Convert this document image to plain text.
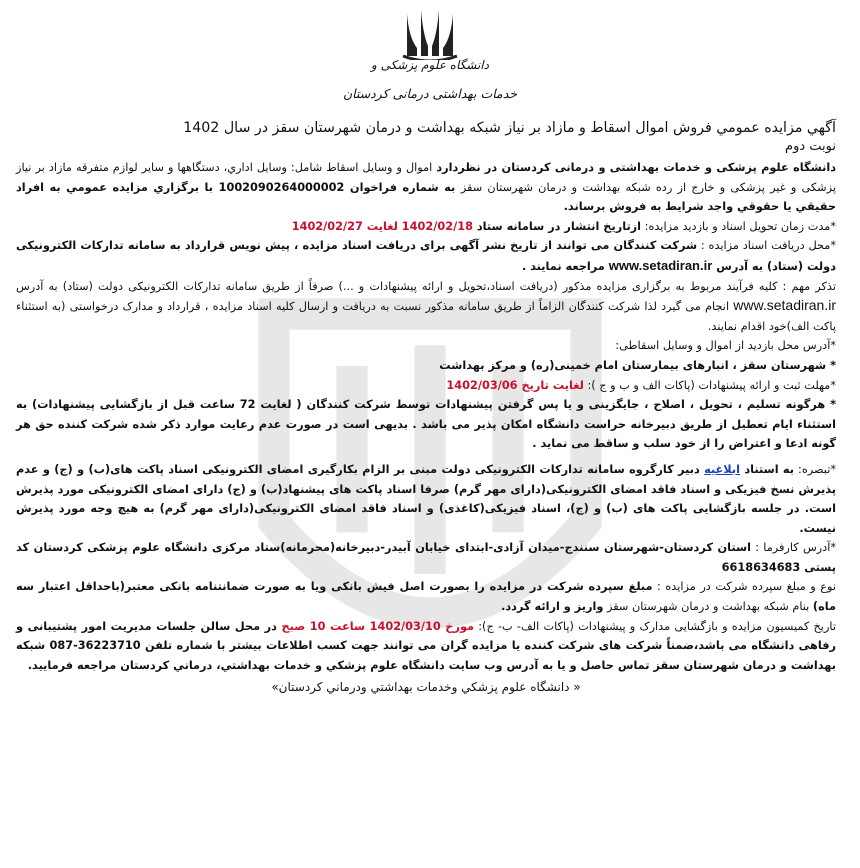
دانشگاه علوم پزشکی و
خدمات بهداشتی درمانی کردستان

آگهي مزايده عمومي فروش اموال اسقاط و مازاد بر نياز شبكه بهداشت و درمان شهرستان سقز در سال 1402

نوبت دوم

دانشگاه علوم پزشکی و خدمات بهداشتی و درمانی کردستان در نظردارد اموال و وسايل اسقاط شامل: وسايل اداري، دستگاهها و ساير لوازم متفرقه مازاد بر نياز پزشکی و غیر پزشکی و خارج از رده شبکه بهداشت و درمان شهرستان سقز به شماره فراخوان 1002090264000002 با برگزاري مزايده عمومي به افراد حقيقي يا حقوقي واجد شرايط به فروش برساند.

*مدت زمان تحویل اسناد و بازدید مزایده: ازتاریخ انتشار در سامانه ستاد 1402/02/18 لغایت 1402/02/27

*محل دریافت اسناد مزایده : شرکت کنندگان می توانند از تاریخ نشر آگهی برای دریافت اسناد مزایده ، پیش نویس قرارداد به سامانه تدارکات الکترونیکی دولت (ستاد) به آدرس www.setadiran.ir مراجعه نمایند .

تذکر مهم : کلیه فرآیند مربوط به برگزاری مزایده مذکور (دریافت اسناد،تحویل و ارائه پیشنهادات و ...) صرفاً از طریق سامانه تدارکات الکترونیکی دولت (ستاد) به آدرس www.setadiran.ir انجام می گیرد لذا شرکت کنندگان الزاماً از طریق سامانه مذکور نسبت به دریافت و ارسال کلیه اسناد مزایده ، قرارداد و مدارک درخواستی (به استثناء پاکت الف)خود اقدام نمایند.

*آدرس محل بازدید از اموال و وسایل اسقاطی:

* شهرستان سقز ، انبارهای بیمارستان امام خمینی(ره) و مرکز بهداشت

*مهلت ثبت و ارائه پیشنهادات (پاکات الف و ب و ج ): لغایت تاریخ 1402/03/06

* هرگونه تسلیم ، تحویل ، اصلاح ، جایگزینی و یا پس گرفتن پیشنهادات توسط شرکت کنندگان ( لغایت 72 ساعت قبل از بازگشایی پیشنهادات) به استثناء ایام تعطیل از طریق دبیرخانه حراست دانشگاه امکان پذیر می باشد . بدیهی است در صورت عدم رعایت موارد ذکر شده شرکت کننده حق هر گونه ادعا و اعتراض را از خود سلب و ساقط می نماید .

*تبصره: به استناد ابلاغیه دبیر کارگروه سامانه تدارکات الکترونیکی دولت مبنی بر الزام بکارگیری امضای الکترونیکی اسناد پاکت های(ب) و (ج) و عدم پذیرش نسخ فیزیکی و اسناد فاقد امضای الکترونیکی(دارای مهر گرم) صرفا اسناد پاکت های پیشنهاد(ب) و (ج) دارای امضای الکترونیکی مورد پذیرش است. در جلسه بازگشایی پاکت های (ب) و (ج)، اسناد فیزیکی(کاغذی) و اسناد فاقد امضای الکترونیکی(دارای مهر گرم) به هیچ وجه مورد پذیرش نیست.

*آدرس کارفرما : استان کردستان-شهرستان سنندج-میدان آزادی-ابتدای خیابان آبیدر-دبیرخانه(محرمانه)ستاد مرکزی دانشگاه علوم پزشکی کردستان کد پستی 6618634683

نوع و مبلغ سپرده شرکت در مزایده : مبلغ سپرده شرکت در مزایده را بصورت اصل فیش بانکی ویا به صورت ضمانتنامه بانکی معتبر(باحداقل اعتبار سه ماه) بنام شبکه بهداشت و درمان شهرستان سقز واریز و ارائه گردد.

تاریخ کمیسیون مزایده و بازگشایی مدارک و پیشنهادات (پاکات الف- ب- ج): مورخ 1402/03/10 ساعت 10 صبح در محل سالن جلسات مدیریت امور پشتیبانی و رفاهی دانشگاه می باشد،ضمناً شرکت های شرکت کننده یا مزایده گران می توانند جهت کسب اطلاعات بیشتر با شماره تلفن 36223710-087 شبکه بهداشت و درمان شهرستان سقز تماس حاصل و یا به آدرس وب سایت دانشگاه علوم پزشکي و خدمات بهداشتي، درماني كردستان مراجعه فرمایید.

« دانشگاه علوم پزشكي وخدمات بهداشتي ودرماني كردستان»
